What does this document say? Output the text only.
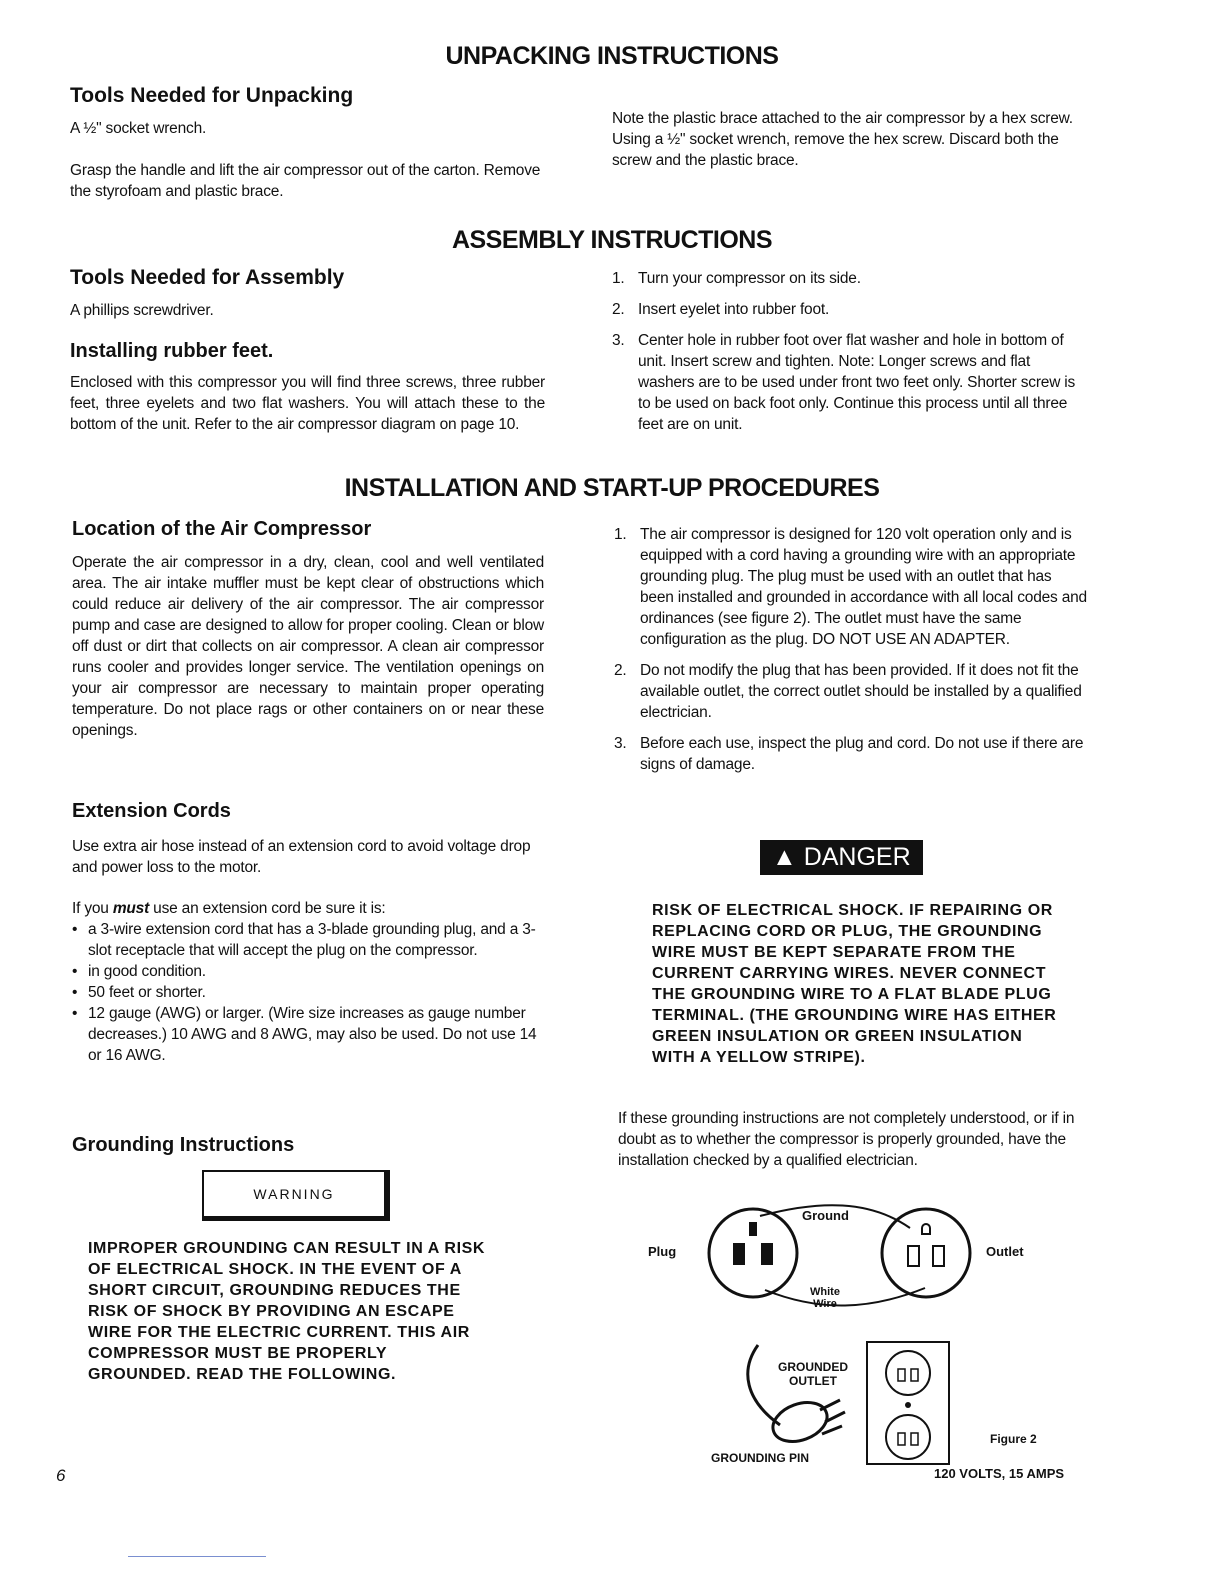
UNPACKING INSTRUCTIONS
Tools Needed for Unpacking
A ½" socket wrench.
Grasp the handle and lift the air compressor out of the carton. Remove the styrofoam and plastic brace.
Note the plastic brace attached to the air compressor by a hex screw. Using a ½" socket wrench, remove the hex screw. Discard both the screw and the plastic brace.
ASSEMBLY INSTRUCTIONS
Tools Needed for Assembly
A phillips screwdriver.
Installing rubber feet.
Enclosed with this compressor you will find three screws, three rubber feet, three eyelets and two flat washers. You will attach these to the bottom of the unit. Refer to the air compressor diagram on page 10.
1. Turn your compressor on its side.
2. Insert eyelet into rubber foot.
3. Center hole in rubber foot over flat washer and hole in bottom of unit. Insert screw and tighten. Note: Longer screws and flat washers are to be used under front two feet only. Shorter screw is to be used on back foot only. Continue this process until all three feet are on unit.
INSTALLATION AND START-UP PROCEDURES
Location of the Air Compressor
Operate the air compressor in a dry, clean, cool and well ventilated area. The air intake muffler must be kept clear of obstructions which could reduce air delivery of the air compressor. The air compressor pump and case are designed to allow for proper cooling. Clean or blow off dust or dirt that collects on air compressor. A clean air compressor runs cooler and provides longer service. The ventilation openings on your air compressor are necessary to maintain proper operating temperature. Do not place rags or other containers on or near these openings.
Extension Cords
Use extra air hose instead of an extension cord to avoid voltage drop and power loss to the motor.
If you must use an extension cord be sure it is:
• a 3-wire extension cord that has a 3-blade grounding plug, and a 3-slot receptacle that will accept the plug on the compressor.
• in good condition.
• 50 feet or shorter.
• 12 gauge (AWG) or larger. (Wire size increases as gauge number decreases.) 10 AWG and 8 AWG, may also be used. Do not use 14 or 16 AWG.
Grounding Instructions
WARNING
IMPROPER GROUNDING CAN RESULT IN A RISK OF ELECTRICAL SHOCK. IN THE EVENT OF A SHORT CIRCUIT, GROUNDING REDUCES THE RISK OF SHOCK BY PROVIDING AN ESCAPE WIRE FOR THE ELECTRIC CURRENT. THIS AIR COMPRESSOR MUST BE PROPERLY GROUNDED. READ THE FOLLOWING.
1. The air compressor is designed for 120 volt operation only and is equipped with a cord having a grounding wire with an appropriate grounding plug. The plug must be used with an outlet that has been installed and grounded in accordance with all local codes and ordinances (see figure 2). The outlet must have the same configuration as the plug. DO NOT USE AN ADAPTER.
2. Do not modify the plug that has been provided. If it does not fit the available outlet, the correct outlet should be installed by a qualified electrician.
3. Before each use, inspect the plug and cord. Do not use if there are signs of damage.
▲ DANGER
RISK OF ELECTRICAL SHOCK. IF REPAIRING OR REPLACING CORD OR PLUG, THE GROUNDING WIRE MUST BE KEPT SEPARATE FROM THE CURRENT CARRYING WIRES. NEVER CONNECT THE GROUNDING WIRE TO A FLAT BLADE PLUG TERMINAL. (THE GROUNDING WIRE HAS EITHER GREEN INSULATION OR GREEN INSULATION WITH A YELLOW STRIPE).
If these grounding instructions are not completely understood, or if in doubt as to whether the compressor is properly grounded, have the installation checked by a qualified electrician.
Ground
Plug	Outlet
White Wire
GROUNDED OUTLET
GROUNDING PIN
Figure 2
120 VOLTS, 15 AMPS
6
